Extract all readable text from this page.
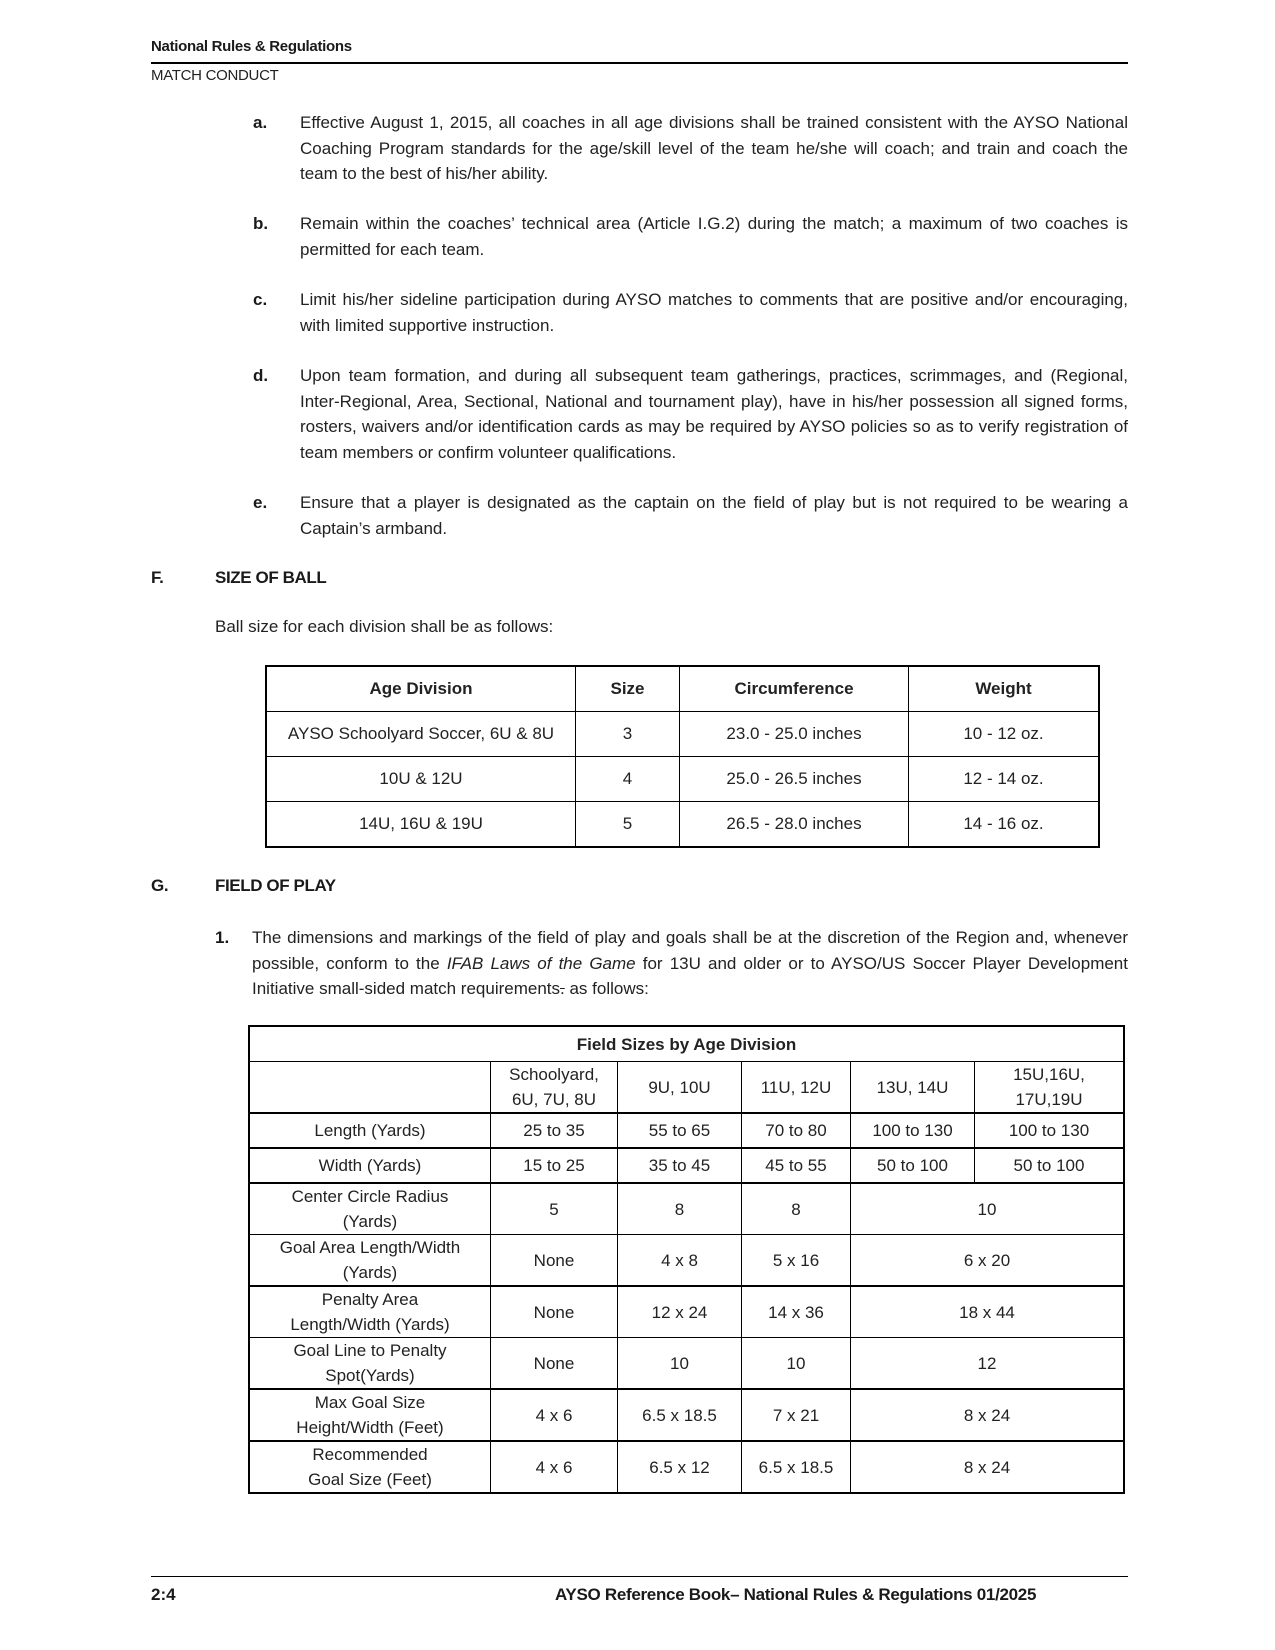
National Rules & Regulations
MATCH CONDUCT
a. Effective August 1, 2015, all coaches in all age divisions shall be trained consistent with the AYSO National Coaching Program standards for the age/skill level of the team he/she will coach; and train and coach the team to the best of his/her ability.
b. Remain within the coaches’ technical area (Article I.G.2) during the match; a maximum of two coaches is permitted for each team.
c. Limit his/her sideline participation during AYSO matches to comments that are positive and/or encouraging, with limited supportive instruction.
d. Upon team formation, and during all subsequent team gatherings, practices, scrimmages, and (Regional, Inter-Regional, Area, Sectional, National and tournament play), have in his/her possession all signed forms, rosters, waivers and/or identification cards as may be required by AYSO policies so as to verify registration of team members or confirm volunteer qualifications.
e. Ensure that a player is designated as the captain on the field of play but is not required to be wearing a Captain’s armband.
F.	SIZE OF BALL
Ball size for each division shall be as follows:
Age Division	Size	Circumference	Weight
AYSO Schoolyard Soccer, 6U & 8U	3	23.0 - 25.0 inches	10 - 12 oz.
10U & 12U	4	25.0 - 26.5 inches	12 - 14 oz.
14U, 16U & 19U	5	26.5 - 28.0 inches	14 - 16 oz.
G.	FIELD OF PLAY
1. The dimensions and markings of the field of play and goals shall be at the discretion of the Region and, whenever possible, conform to the IFAB Laws of the Game for 13U and older or to AYSO/US Soccer Player Development Initiative small-sided match requirements. as follows:
Field Sizes by Age Division					
	Schoolyard,
6U, 7U, 8U	9U, 10U	11U, 12U	13U, 14U	15U,16U,
17U,19U
Length (Yards)	25 to 35	55 to 65	70 to 80	100 to 130	100 to 130
Width (Yards)	15 to 25	35 to 45	45 to 55	50 to 100	50 to 100
Center Circle Radius
(Yards)	5	8	8	10	
Goal Area Length/Width
(Yards)	None	4 x 8	5 x 16	6 x 20	
Penalty Area
Length/Width (Yards)	None	12 x 24	14 x 36	18 x 44	
Goal Line to Penalty
Spot(Yards)	None	10	10	12	
Max Goal Size
Height/Width (Feet)	4 x 6	6.5 x 18.5	7 x 21	8 x 24	
Recommended
Goal Size (Feet)	4 x 6	6.5 x 12	6.5 x 18.5	8 x 24	
2:4	AYSO Reference Book– National Rules & Regulations 01/2025
